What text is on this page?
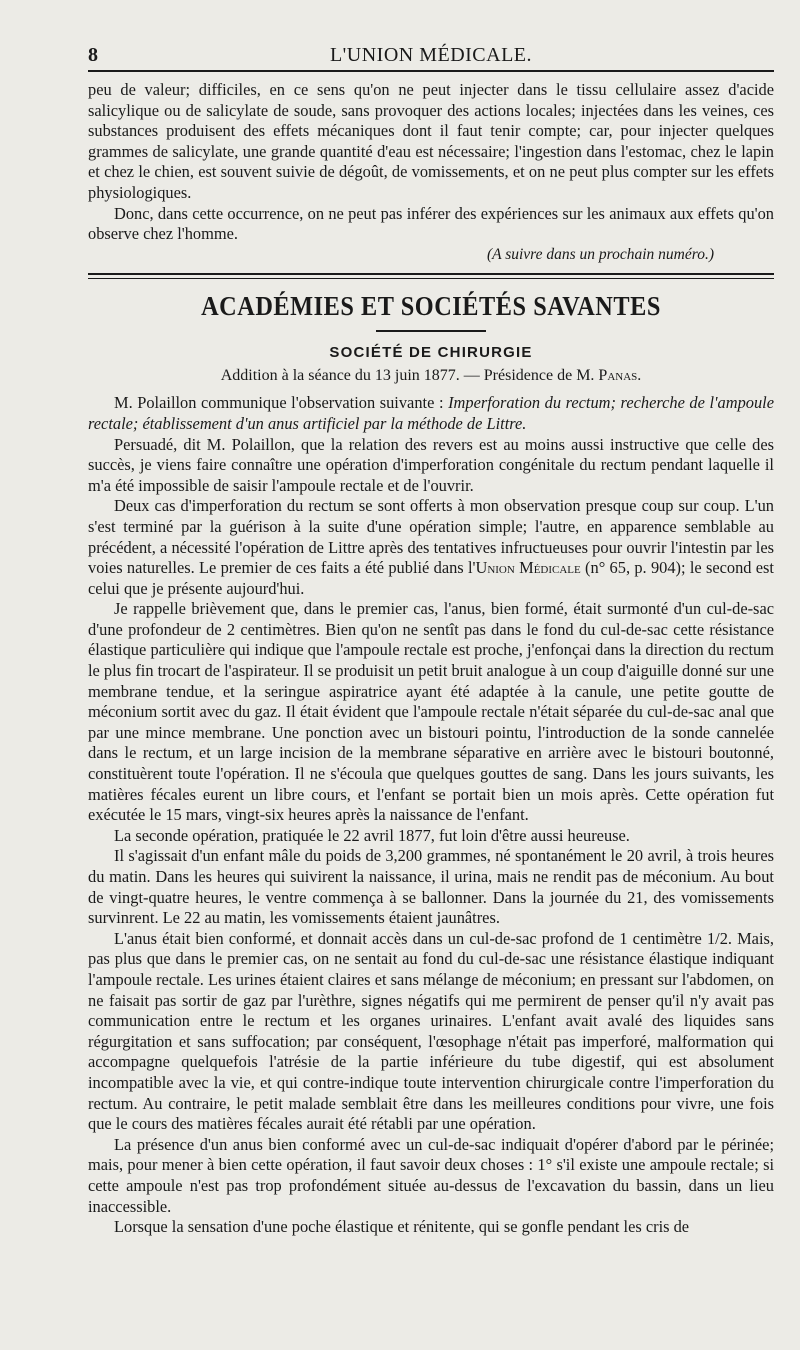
8	L'UNION MÉDICALE.

peu de valeur; difficiles, en ce sens qu'on ne peut injecter dans le tissu cellulaire assez d'acide salicylique ou de salicylate de soude, sans provoquer des actions locales; injectées dans les veines, ces substances produisent des effets mécaniques dont il faut tenir compte; car, pour injecter quelques grammes de salicylate, une grande quantité d'eau est nécessaire; l'ingestion dans l'estomac, chez le lapin et chez le chien, est souvent suivie de dégoût, de vomissements, et on ne peut plus compter sur les effets physiologiques.

Donc, dans cette occurrence, on ne peut pas inférer des expériences sur les animaux aux effets qu'on observe chez l'homme.

(A suivre dans un prochain numéro.)
ACADÉMIES ET SOCIÉTÉS SAVANTES
SOCIÉTÉ DE CHIRURGIE
Addition à la séance du 13 juin 1877. — Présidence de M. Panas.

M. Polaillon communique l'observation suivante : Imperforation du rectum; recherche de l'ampoule rectale; établissement d'un anus artificiel par la méthode de Littre.

Persuadé, dit M. Polaillon, que la relation des revers est au moins aussi instructive que celle des succès, je viens faire connaître une opération d'imperforation congénitale du rectum pendant laquelle il m'a été impossible de saisir l'ampoule rectale et de l'ouvrir.

Deux cas d'imperforation du rectum se sont offerts à mon observation presque coup sur coup. L'un s'est terminé par la guérison à la suite d'une opération simple; l'autre, en apparence semblable au précédent, a nécessité l'opération de Littre après des tentatives infructueuses pour ouvrir l'intestin par les voies naturelles. Le premier de ces faits a été publié dans l'Union Médicale (n° 65, p. 904); le second est celui que je présente aujourd'hui.

Je rappelle brièvement que, dans le premier cas, l'anus, bien formé, était surmonté d'un cul-de-sac d'une profondeur de 2 centimètres. Bien qu'on ne sentît pas dans le fond du cul-de-sac cette résistance élastique particulière qui indique que l'ampoule rectale est proche, j'enfonçai dans la direction du rectum le plus fin trocart de l'aspirateur. Il se produisit un petit bruit analogue à un coup d'aiguille donné sur une membrane tendue, et la seringue aspiratrice ayant été adaptée à la canule, une petite goutte de méconium sortit avec du gaz. Il était évident que l'ampoule rectale n'était séparée du cul-de-sac anal que par une mince membrane. Une ponction avec un bistouri pointu, l'introduction de la sonde cannelée dans le rectum, et un large incision de la membrane séparative en arrière avec le bistouri boutonné, constituèrent toute l'opération. Il ne s'écoula que quelques gouttes de sang. Dans les jours suivants, les matières fécales eurent un libre cours, et l'enfant se portait bien un mois après. Cette opération fut exécutée le 15 mars, vingt-six heures après la naissance de l'enfant.

La seconde opération, pratiquée le 22 avril 1877, fut loin d'être aussi heureuse.

Il s'agissait d'un enfant mâle du poids de 3,200 grammes, né spontanément le 20 avril, à trois heures du matin. Dans les heures qui suivirent la naissance, il urina, mais ne rendit pas de méconium. Au bout de vingt-quatre heures, le ventre commença à se ballonner. Dans la journée du 21, des vomissements survinrent. Le 22 au matin, les vomissements étaient jaunâtres.

L'anus était bien conformé, et donnait accès dans un cul-de-sac profond de 1 centimètre 1/2. Mais, pas plus que dans le premier cas, on ne sentait au fond du cul-de-sac une résistance élastique indiquant l'ampoule rectale. Les urines étaient claires et sans mélange de méconium; en pressant sur l'abdomen, on ne faisait pas sortir de gaz par l'urèthre, signes négatifs qui me permirent de penser qu'il n'y avait pas communication entre le rectum et les organes urinaires. L'enfant avait avalé des liquides sans régurgitation et sans suffocation; par conséquent, l'œsophage n'était pas imperforé, malformation qui accompagne quelquefois l'atrésie de la partie inférieure du tube digestif, qui est absolument incompatible avec la vie, et qui contre-indique toute intervention chirurgicale contre l'imperforation du rectum. Au contraire, le petit malade semblait être dans les meilleures conditions pour vivre, une fois que le cours des matières fécales aurait été rétabli par une opération.

La présence d'un anus bien conformé avec un cul-de-sac indiquait d'opérer d'abord par le périnée; mais, pour mener à bien cette opération, il faut savoir deux choses : 1° s'il existe une ampoule rectale; si cette ampoule n'est pas trop profondément située au-dessus de l'excavation du bassin, dans un lieu inaccessible.

Lorsque la sensation d'une poche élastique et rénitente, qui se gonfle pendant les cris de
